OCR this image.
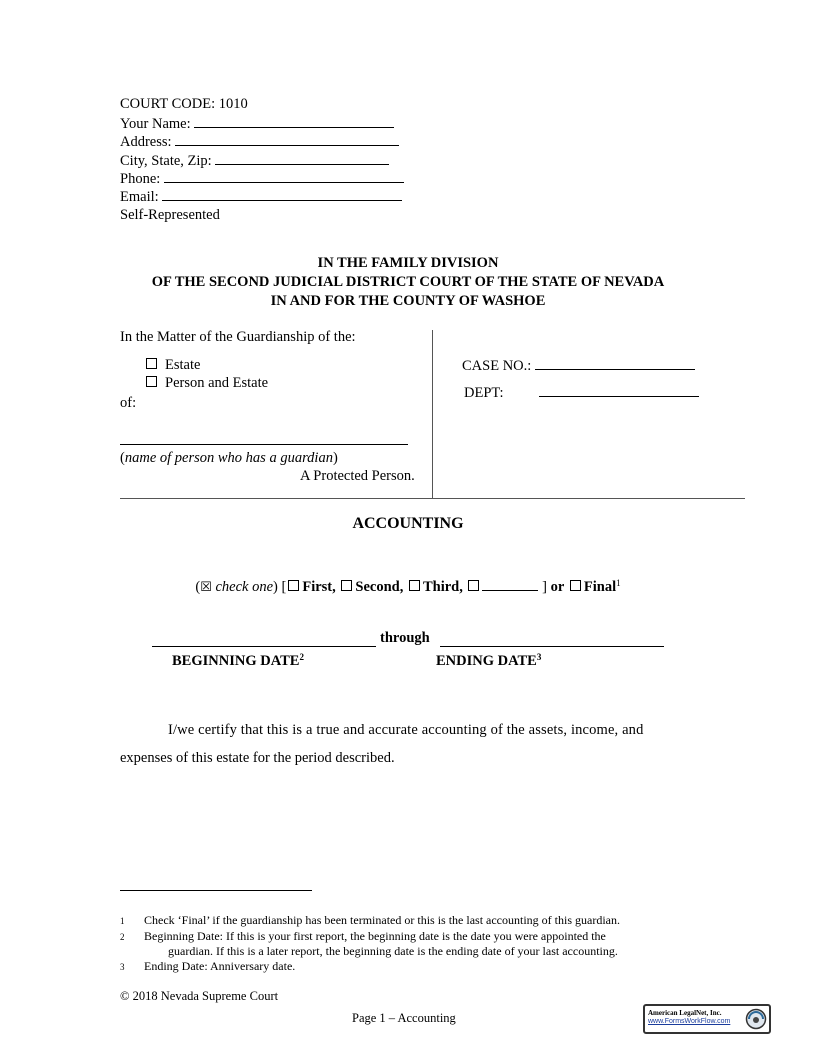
COURT CODE: 1010
Your Name:
Address:
City, State, Zip:
Phone:
Email:
Self-Represented
IN THE FAMILY DIVISION
OF THE SECOND JUDICIAL DISTRICT COURT OF THE STATE OF NEVADA
IN AND FOR THE COUNTY OF WASHOE
In the Matter of the Guardianship of the:
Estate
Person and Estate
of:
(name of person who has a guardian)
A Protected Person.
CASE NO.:
DEPT:
ACCOUNTING
(☒ check one) [ First, Second, Third,	] or Final$^1$
through
BEGINNING DATE$^2$	ENDING DATE$^3$
I/we certify that this is a true and accurate accounting of the assets, income, and
expenses of this estate for the period described.
1 Check ‘Final’ if the guardianship has been terminated or this is the last accounting of this guardian.
2 Beginning Date: If this is your first report, the beginning date is the date you were appointed the
guardian. If this is a later report, the beginning date is the ending date of your last accounting.
3 Ending Date: Anniversary date.
© 2018 Nevada Supreme Court
Page 1 – Accounting	American LegalNet, Inc.
www.FormsWorkFlow.com
